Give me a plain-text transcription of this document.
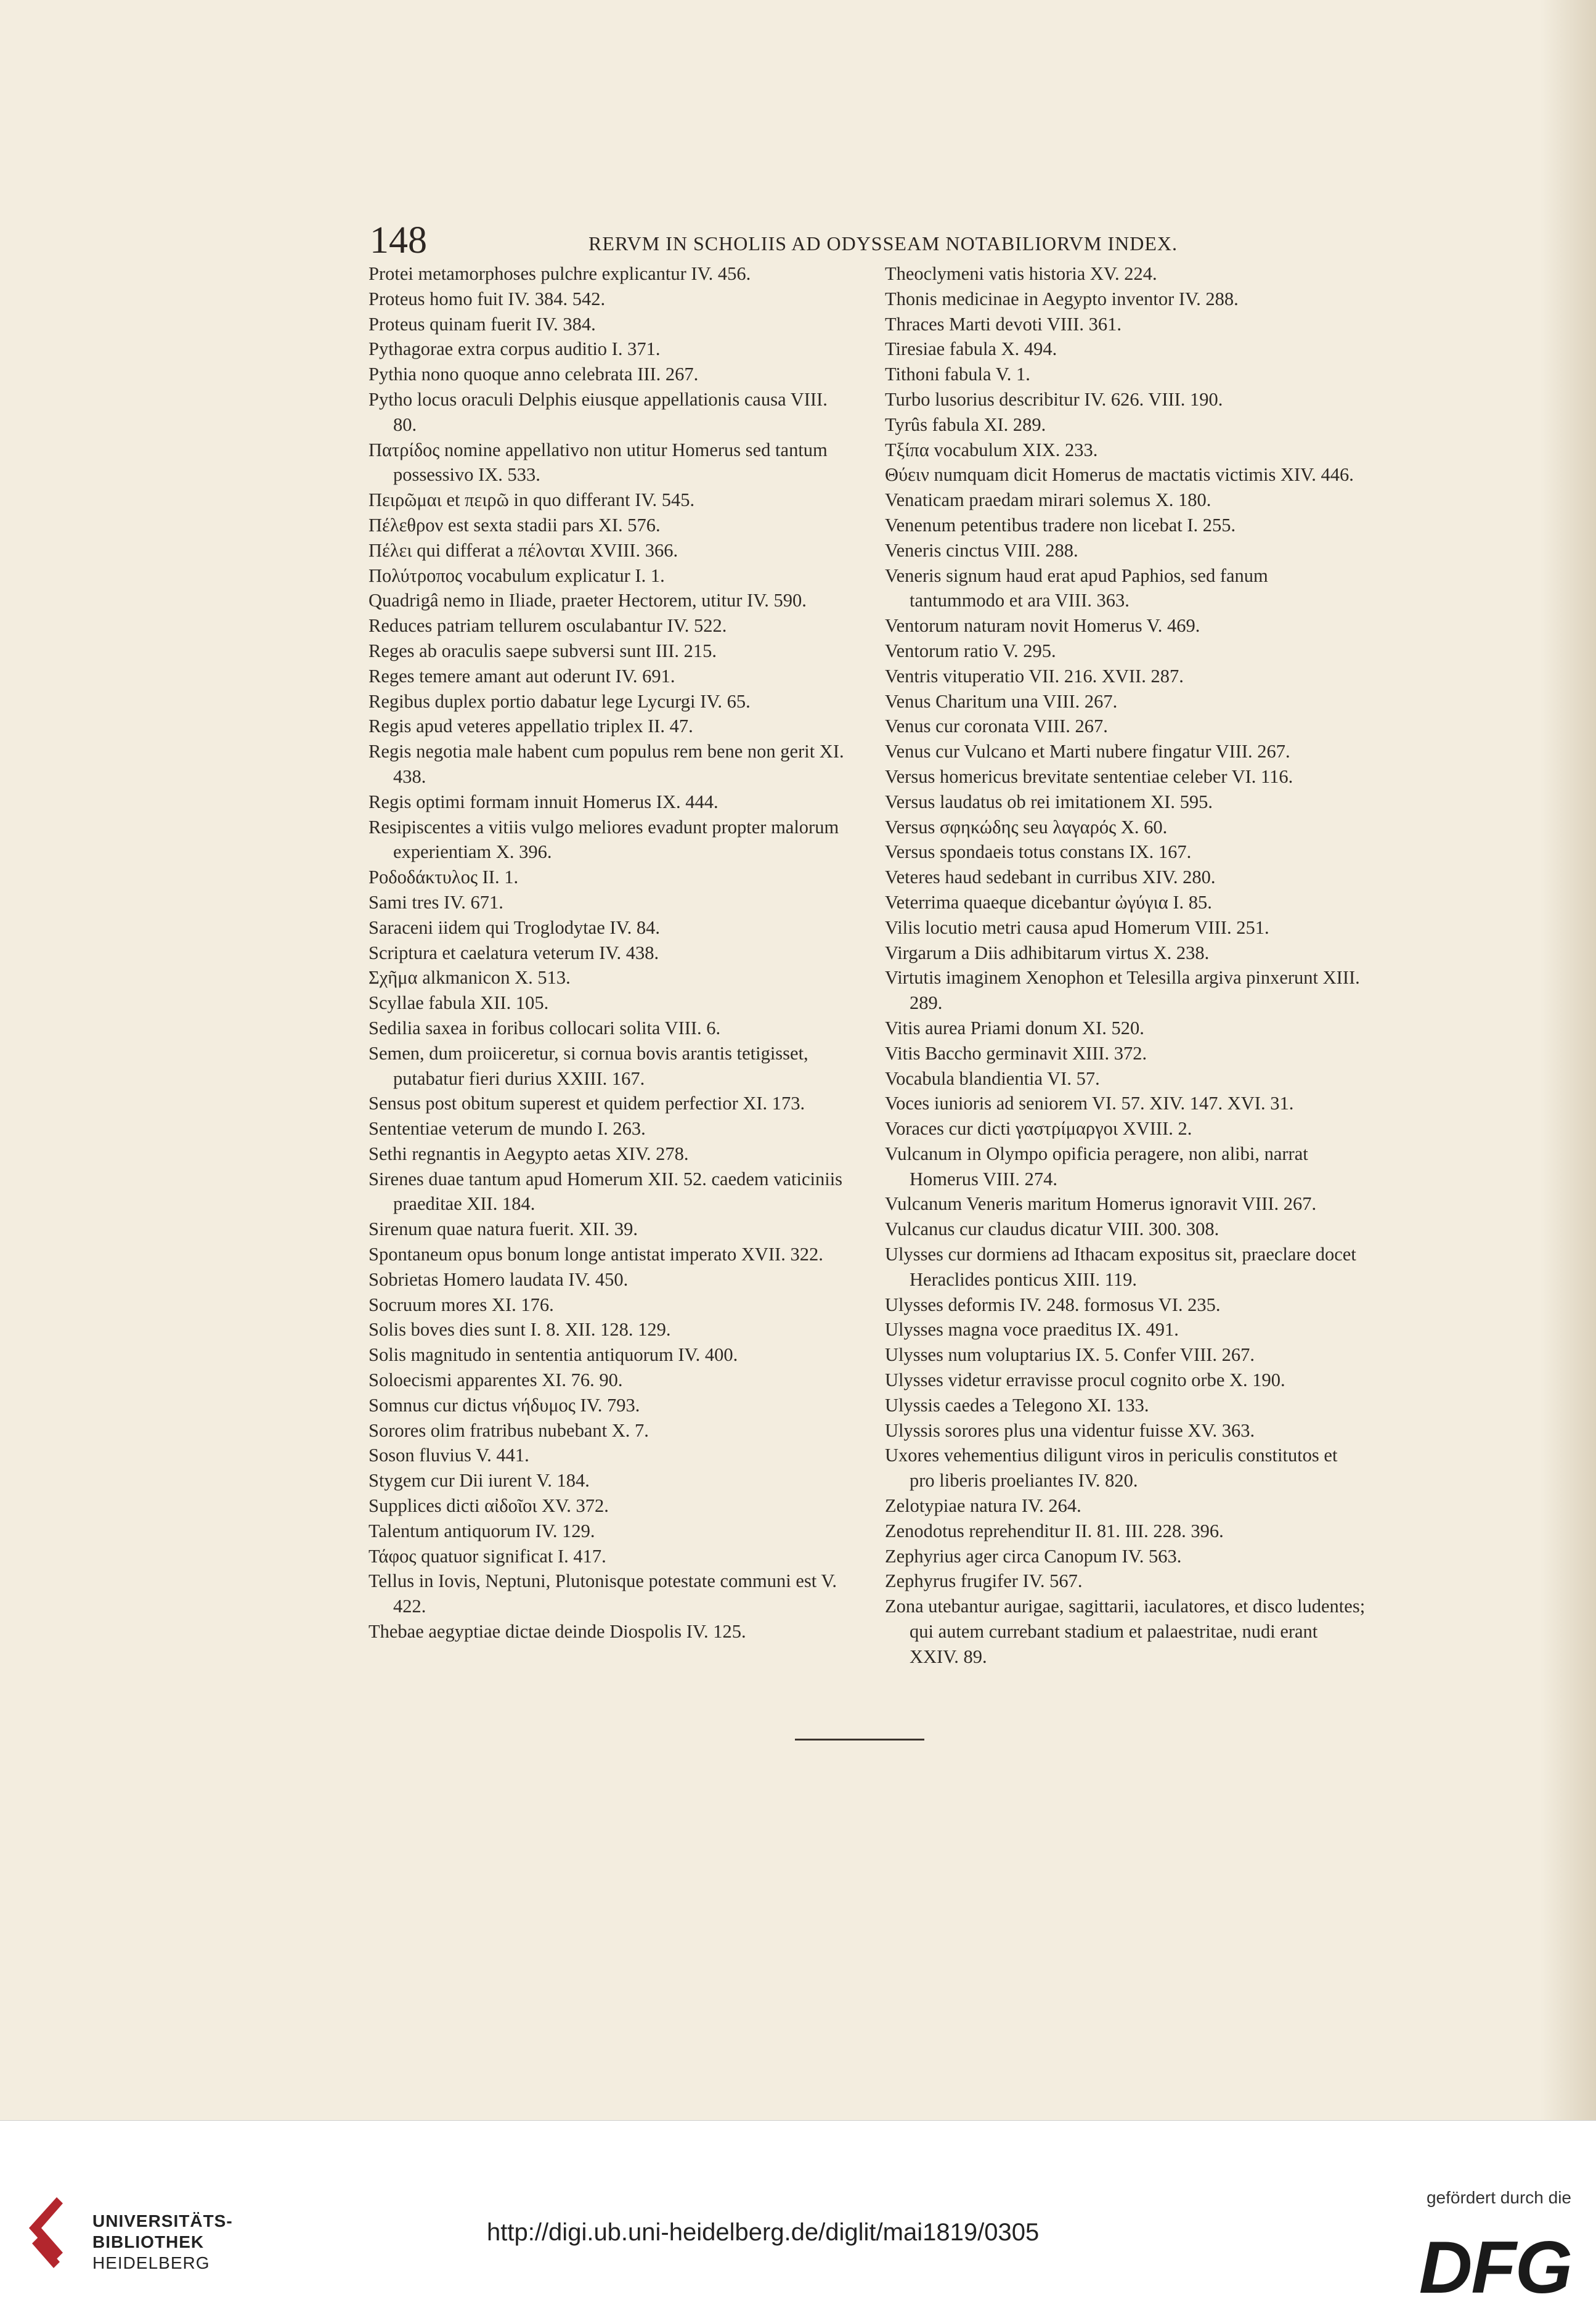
148	RERVM IN SCHOLIIS AD ODYSSEAM NOTABILIORVM INDEX.
Protei metamorphoses pulchre explicantur IV. 456.
Proteus homo fuit IV. 384. 542.
Proteus quinam fuerit IV. 384.
Pythagorae extra corpus auditio I. 371.
Pythia nono quoque anno celebrata III. 267.
Pytho locus oraculi Delphis eiusque appellationis causa VIII. 80.
Πατρίδος nomine appellativo non utitur Homerus sed tantum possessivo IX. 533.
Πειρῶμαι et πειρῶ in quo differant IV. 545.
Πέλεθρον est sexta stadii pars XI. 576.
Πέλει qui differat a πέλονται XVIII. 366.
Πολύτροπος vocabulum explicatur I. 1.
Quadrigâ nemo in Iliade, praeter Hectorem, utitur IV. 590.
Reduces patriam tellurem osculabantur IV. 522.
Reges ab oraculis saepe subversi sunt III. 215.
Reges temere amant aut oderunt IV. 691.
Regibus duplex portio dabatur lege Lycurgi IV. 65.
Regis apud veteres appellatio triplex II. 47.
Regis negotia male habent cum populus rem bene non gerit XI. 438.
Regis optimi formam innuit Homerus IX. 444.
Resipiscentes a vitiis vulgo meliores evadunt propter malorum experientiam X. 396.
Ροδοδάκτυλος II. 1.
Sami tres IV. 671.
Saraceni iidem qui Troglodytae IV. 84.
Scriptura et caelatura veterum IV. 438.
Σχῆμα alkmanicon X. 513.
Scyllae fabula XII. 105.
Sedilia saxea in foribus collocari solita VIII. 6.
Semen, dum proiiceretur, si cornua bovis arantis tetigisset, putabatur fieri durius XXIII. 167.
Sensus post obitum superest et quidem perfectior XI. 173.
Sententiae veterum de mundo I. 263.
Sethi regnantis in Aegypto aetas XIV. 278.
Sirenes duae tantum apud Homerum XII. 52. caedem vaticiniis praeditae XII. 184.
Sirenum quae natura fuerit. XII. 39.
Spontaneum opus bonum longe antistat imperato XVII. 322.
Sobrietas Homero laudata IV. 450.
Socruum mores XI. 176.
Solis boves dies sunt I. 8. XII. 128. 129.
Solis magnitudo in sententia antiquorum IV. 400.
Soloecismi apparentes XI. 76. 90.
Somnus cur dictus νήδυμος IV. 793.
Sorores olim fratribus nubebant X. 7.
Soson fluvius V. 441.
Stygem cur Dii iurent V. 184.
Supplices dicti αἰδοῖοι XV. 372.
Talentum antiquorum IV. 129.
Τάφος quatuor significat I. 417.
Tellus in Iovis, Neptuni, Plutonisque potestate communi est V. 422.
Thebae aegyptiae dictae deinde Diospolis IV. 125.
Theoclymeni vatis historia XV. 224.
Thonis medicinae in Aegypto inventor IV. 288.
Thraces Marti devoti VIII. 361.
Tiresiae fabula X. 494.
Tithoni fabula V. 1.
Turbo lusorius describitur IV. 626. VIII. 190.
Tyrûs fabula XI. 289.
Τξίπα vocabulum XIX. 233.
Θύειν numquam dicit Homerus de mactatis victimis XIV. 446.
Venaticam praedam mirari solemus X. 180.
Venenum petentibus tradere non licebat I. 255.
Veneris cinctus VIII. 288.
Veneris signum haud erat apud Paphios, sed fanum tantummodo et ara VIII. 363.
Ventorum naturam novit Homerus V. 469.
Ventorum ratio V. 295.
Ventris vituperatio VII. 216. XVII. 287.
Venus Charitum una VIII. 267.
Venus cur coronata VIII. 267.
Venus cur Vulcano et Marti nubere fingatur VIII. 267.
Versus homericus brevitate sententiae celeber VI. 116.
Versus laudatus ob rei imitationem XI. 595.
Versus σφηκώδης seu λαγαρός X. 60.
Versus spondaeis totus constans IX. 167.
Veteres haud sedebant in curribus XIV. 280.
Veterrima quaeque dicebantur ὠγύγια I. 85.
Vilis locutio metri causa apud Homerum VIII. 251.
Virgarum a Diis adhibitarum virtus X. 238.
Virtutis imaginem Xenophon et Telesilla argiva pinxerunt XIII. 289.
Vitis aurea Priami donum XI. 520.
Vitis Baccho germinavit XIII. 372.
Vocabula blandientia VI. 57.
Voces iunioris ad seniorem VI. 57. XIV. 147. XVI. 31.
Voraces cur dicti γαστρίμαργοι XVIII. 2.
Vulcanum in Olympo opificia peragere, non alibi, narrat Homerus VIII. 274.
Vulcanum Veneris maritum Homerus ignoravit VIII. 267.
Vulcanus cur claudus dicatur VIII. 300. 308.
Ulysses cur dormiens ad Ithacam expositus sit, praeclare docet Heraclides ponticus XIII. 119.
Ulysses deformis IV. 248. formosus VI. 235.
Ulysses magna voce praeditus IX. 491.
Ulysses num voluptarius IX. 5. Confer VIII. 267.
Ulysses videtur erravisse procul cognito orbe X. 190.
Ulyssis caedes a Telegono XI. 133.
Ulyssis sorores plus una videntur fuisse XV. 363.
Uxores vehementius diligunt viros in periculis constitutos et pro liberis proeliantes IV. 820.
Zelotypiae natura IV. 264.
Zenodotus reprehenditur II. 81. III. 228. 396.
Zephyrius ager circa Canopum IV. 563.
Zephyrus frugifer IV. 567.
Zona utebantur aurigae, sagittarii, iaculatores, et disco ludentes; qui autem currebant stadium et palaestritae, nudi erant XXIV. 89.
UNIVERSITÄTS-
BIBLIOTHEK
HEIDELBERG
http://digi.ub.uni-heidelberg.de/diglit/mai1819/0305
gefördert durch die
DFG
